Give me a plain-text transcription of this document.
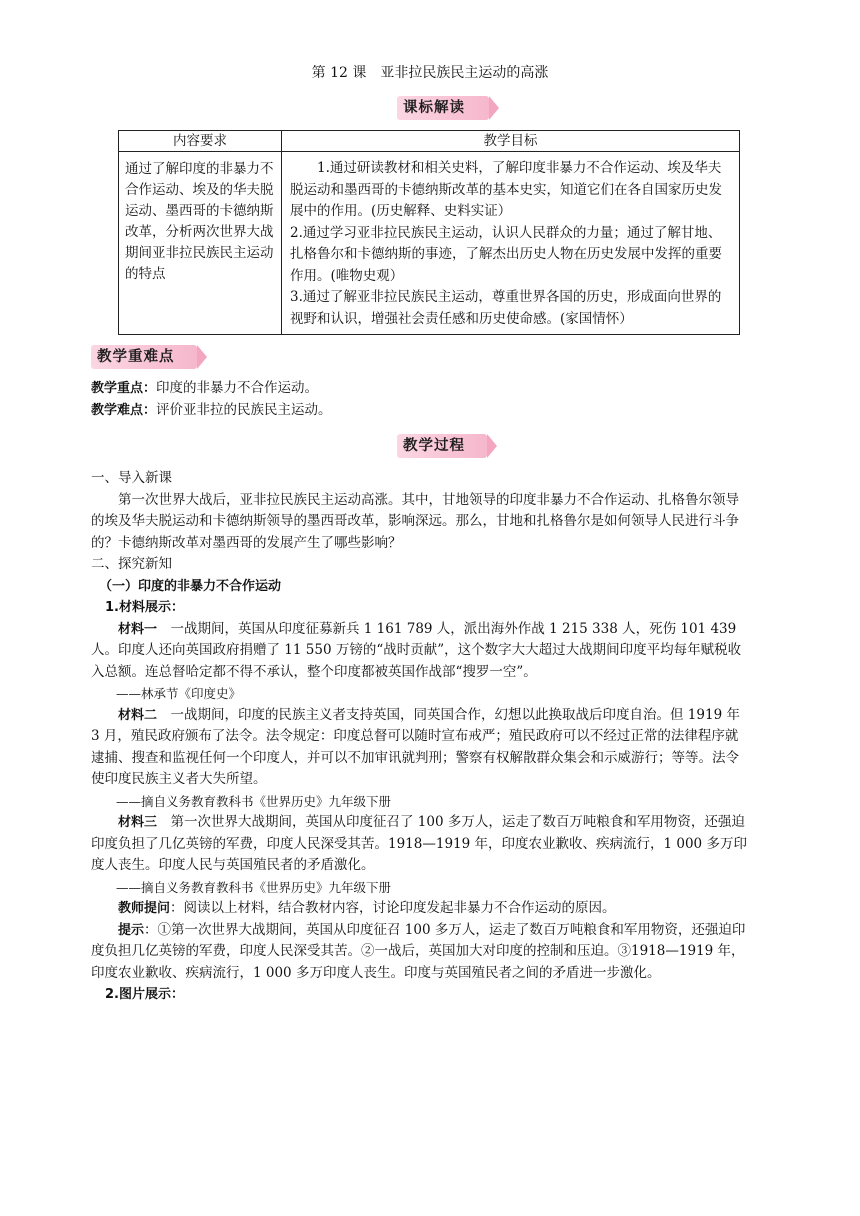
第 12 课　亚非拉民族民主运动的高涨
课标解读
内容要求	教学目标
通过了解印度的非暴力不合作运动、埃及的华夫脱运动、墨西哥的卡德纳斯改革，分析两次世界大战期间亚非拉民族民主运动的特点	1.通过研读教材和相关史料，了解印度非暴力不合作运动、埃及华夫脱运动和墨西哥的卡德纳斯改革的基本史实，知道它们在各自国家历史发展中的作用。(历史解释、史料实证）
2.通过学习亚非拉民族民主运动，认识人民群众的力量；通过了解甘地、扎格鲁尔和卡德纳斯的事迹，了解杰出历史人物在历史发展中发挥的重要作用。(唯物史观）
3.通过了解亚非拉民族民主运动，尊重世界各国的历史，形成面向世界的视野和认识，增强社会责任感和历史使命感。(家国情怀）
教学重难点

教学重点：印度的非暴力不合作运动。

教学难点：评价亚非拉的民族民主运动。

教学过程

一、导入新课

第一次世界大战后，亚非拉民族民主运动高涨。其中，甘地领导的印度非暴力不合作运动、扎格鲁尔领导的埃及华夫脱运动和卡德纳斯领导的墨西哥改革，影响深远。那么，甘地和扎格鲁尔是如何领导人民进行斗争的？卡德纳斯改革对墨西哥的发展产生了哪些影响？

二、探究新知

（一）印度的非暴力不合作运动

1.材料展示：

材料一　一战期间，英国从印度征募新兵 1 161 789 人，派出海外作战 1 215 338 人，死伤 101 439 人。印度人还向英国政府捐赠了 11 550 万镑的“战时贡献”，这个数字大大超过大战期间印度平均每年赋税收入总额。连总督哈定都不得不承认，整个印度都被英国作战部“搜罗一空”。

——林承节《印度史》

材料二　一战期间，印度的民族主义者支持英国，同英国合作，幻想以此换取战后印度自治。但 1919 年 3 月，殖民政府颁布了法令。法令规定：印度总督可以随时宣布戒严；殖民政府可以不经过正常的法律程序就逮捕、搜查和监视任何一个印度人，并可以不加审讯就判刑；警察有权解散群众集会和示威游行；等等。法令使印度民族主义者大失所望。

——摘自义务教育教科书《世界历史》九年级下册

材料三　第一次世界大战期间，英国从印度征召了 100 多万人，运走了数百万吨粮食和军用物资，还强迫印度负担了几亿英镑的军费，印度人民深受其苦。1918—1919 年，印度农业歉收、疾病流行，1 000 多万印度人丧生。印度人民与英国殖民者的矛盾激化。

——摘自义务教育教科书《世界历史》九年级下册

教师提问：阅读以上材料，结合教材内容，讨论印度发起非暴力不合作运动的原因。

提示：①第一次世界大战期间，英国从印度征召 100 多万人，运走了数百万吨粮食和军用物资，还强迫印度负担几亿英镑的军费，印度人民深受其苦。②一战后，英国加大对印度的控制和压迫。③1918—1919 年，印度农业歉收、疾病流行，1 000 多万印度人丧生。印度与英国殖民者之间的矛盾进一步激化。

2.图片展示：
